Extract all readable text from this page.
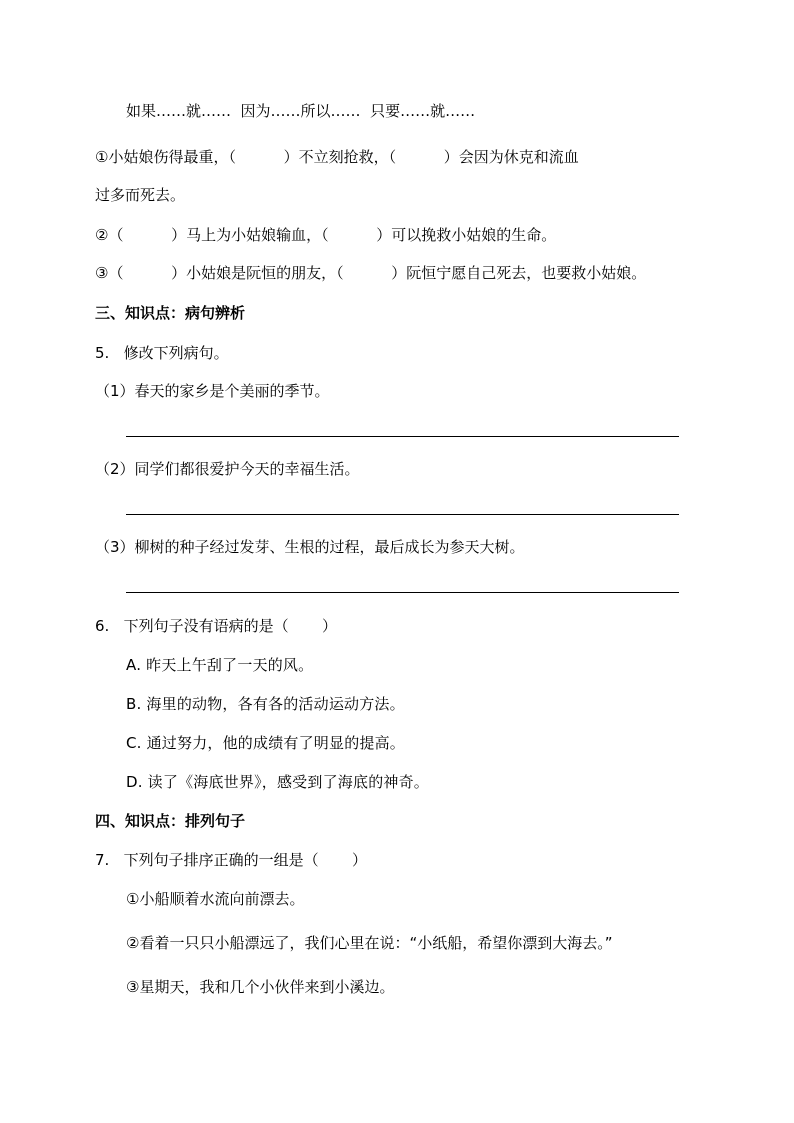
如果……就……  因为……所以……  只要……就……
①小姑娘伤得最重，（          ）不立刻抢救，（          ）会因为休克和流血
过多而死去。
②（          ）马上为小姑娘输血，（          ）可以挽救小姑娘的生命。
③（          ）小姑娘是阮恒的朋友，（          ）阮恒宁愿自己死去，也要救小姑娘。
三、知识点：病句辨析
5.   修改下列病句。
（1）春天的家乡是个美丽的季节。
（2）同学们都很爱护今天的幸福生活。
（3）柳树的种子经过发芽、生根的过程，最后成长为参天大树。
6.   下列句子没有语病的是（       ）
A. 昨天上午刮了一天的风。
B. 海里的动物，各有各的活动运动方法。
C. 通过努力，他的成绩有了明显的提高。
D. 读了《海底世界》，感受到了海底的神奇。
四、知识点：排列句子
7.   下列句子排序正确的一组是（       ）
①小船顺着水流向前漂去。
②看着一只只小船漂远了，我们心里在说：“小纸船，希望你漂到大海去。”
③星期天，我和几个小伙伴来到小溪边。
